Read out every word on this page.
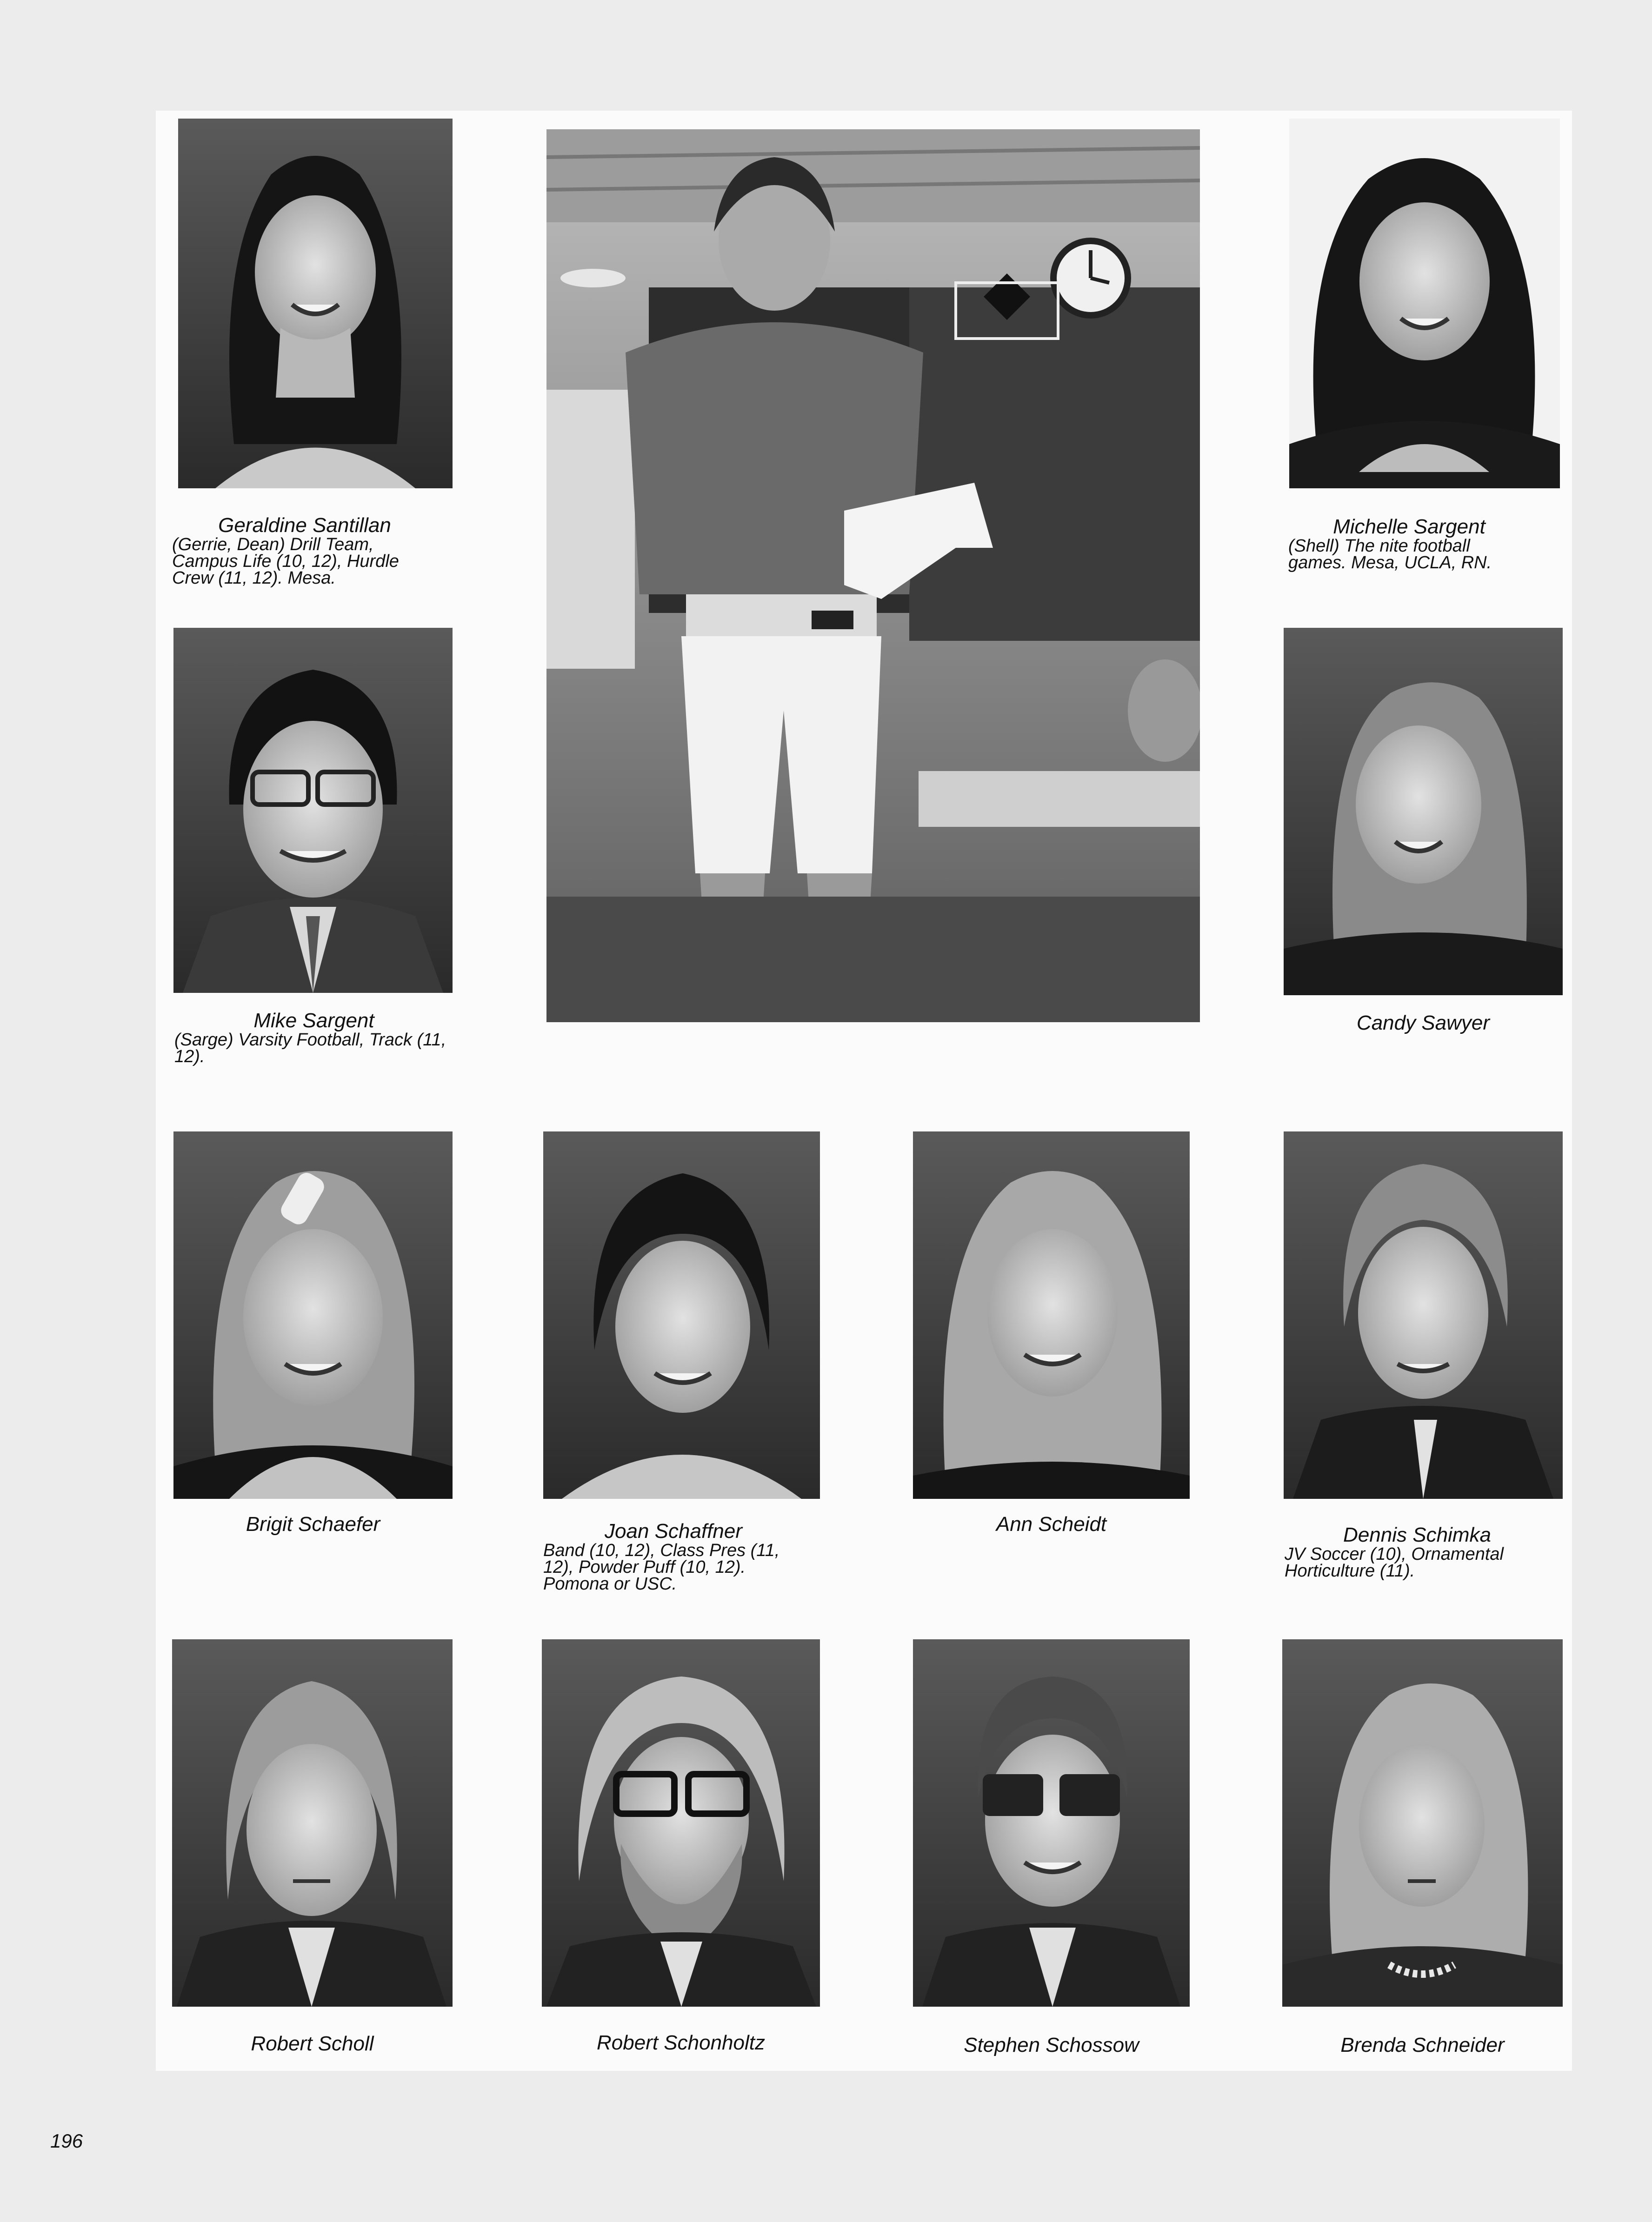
Geraldine Santillan
(Gerrie, Dean) Drill Team, Campus Life (10, 12), Hurdle Crew (11, 12). Mesa.
Michelle Sargent
(Shell) The nite football games. Mesa, UCLA, RN.
Mike Sargent
(Sarge) Varsity Football, Track (11, 12).
Candy Sawyer
Brigit Schaefer	Joan Schaffner
Band (10, 12), Class Pres (11, 12), Powder Puff (10, 12). Pomona or USC.
Ann Scheidt	Dennis Schimka
JV Soccer (10), Ornamental Horticulture (11).
Robert Scholl	Robert Schonholtz	Stephen Schossow	Brenda Schneider
196
